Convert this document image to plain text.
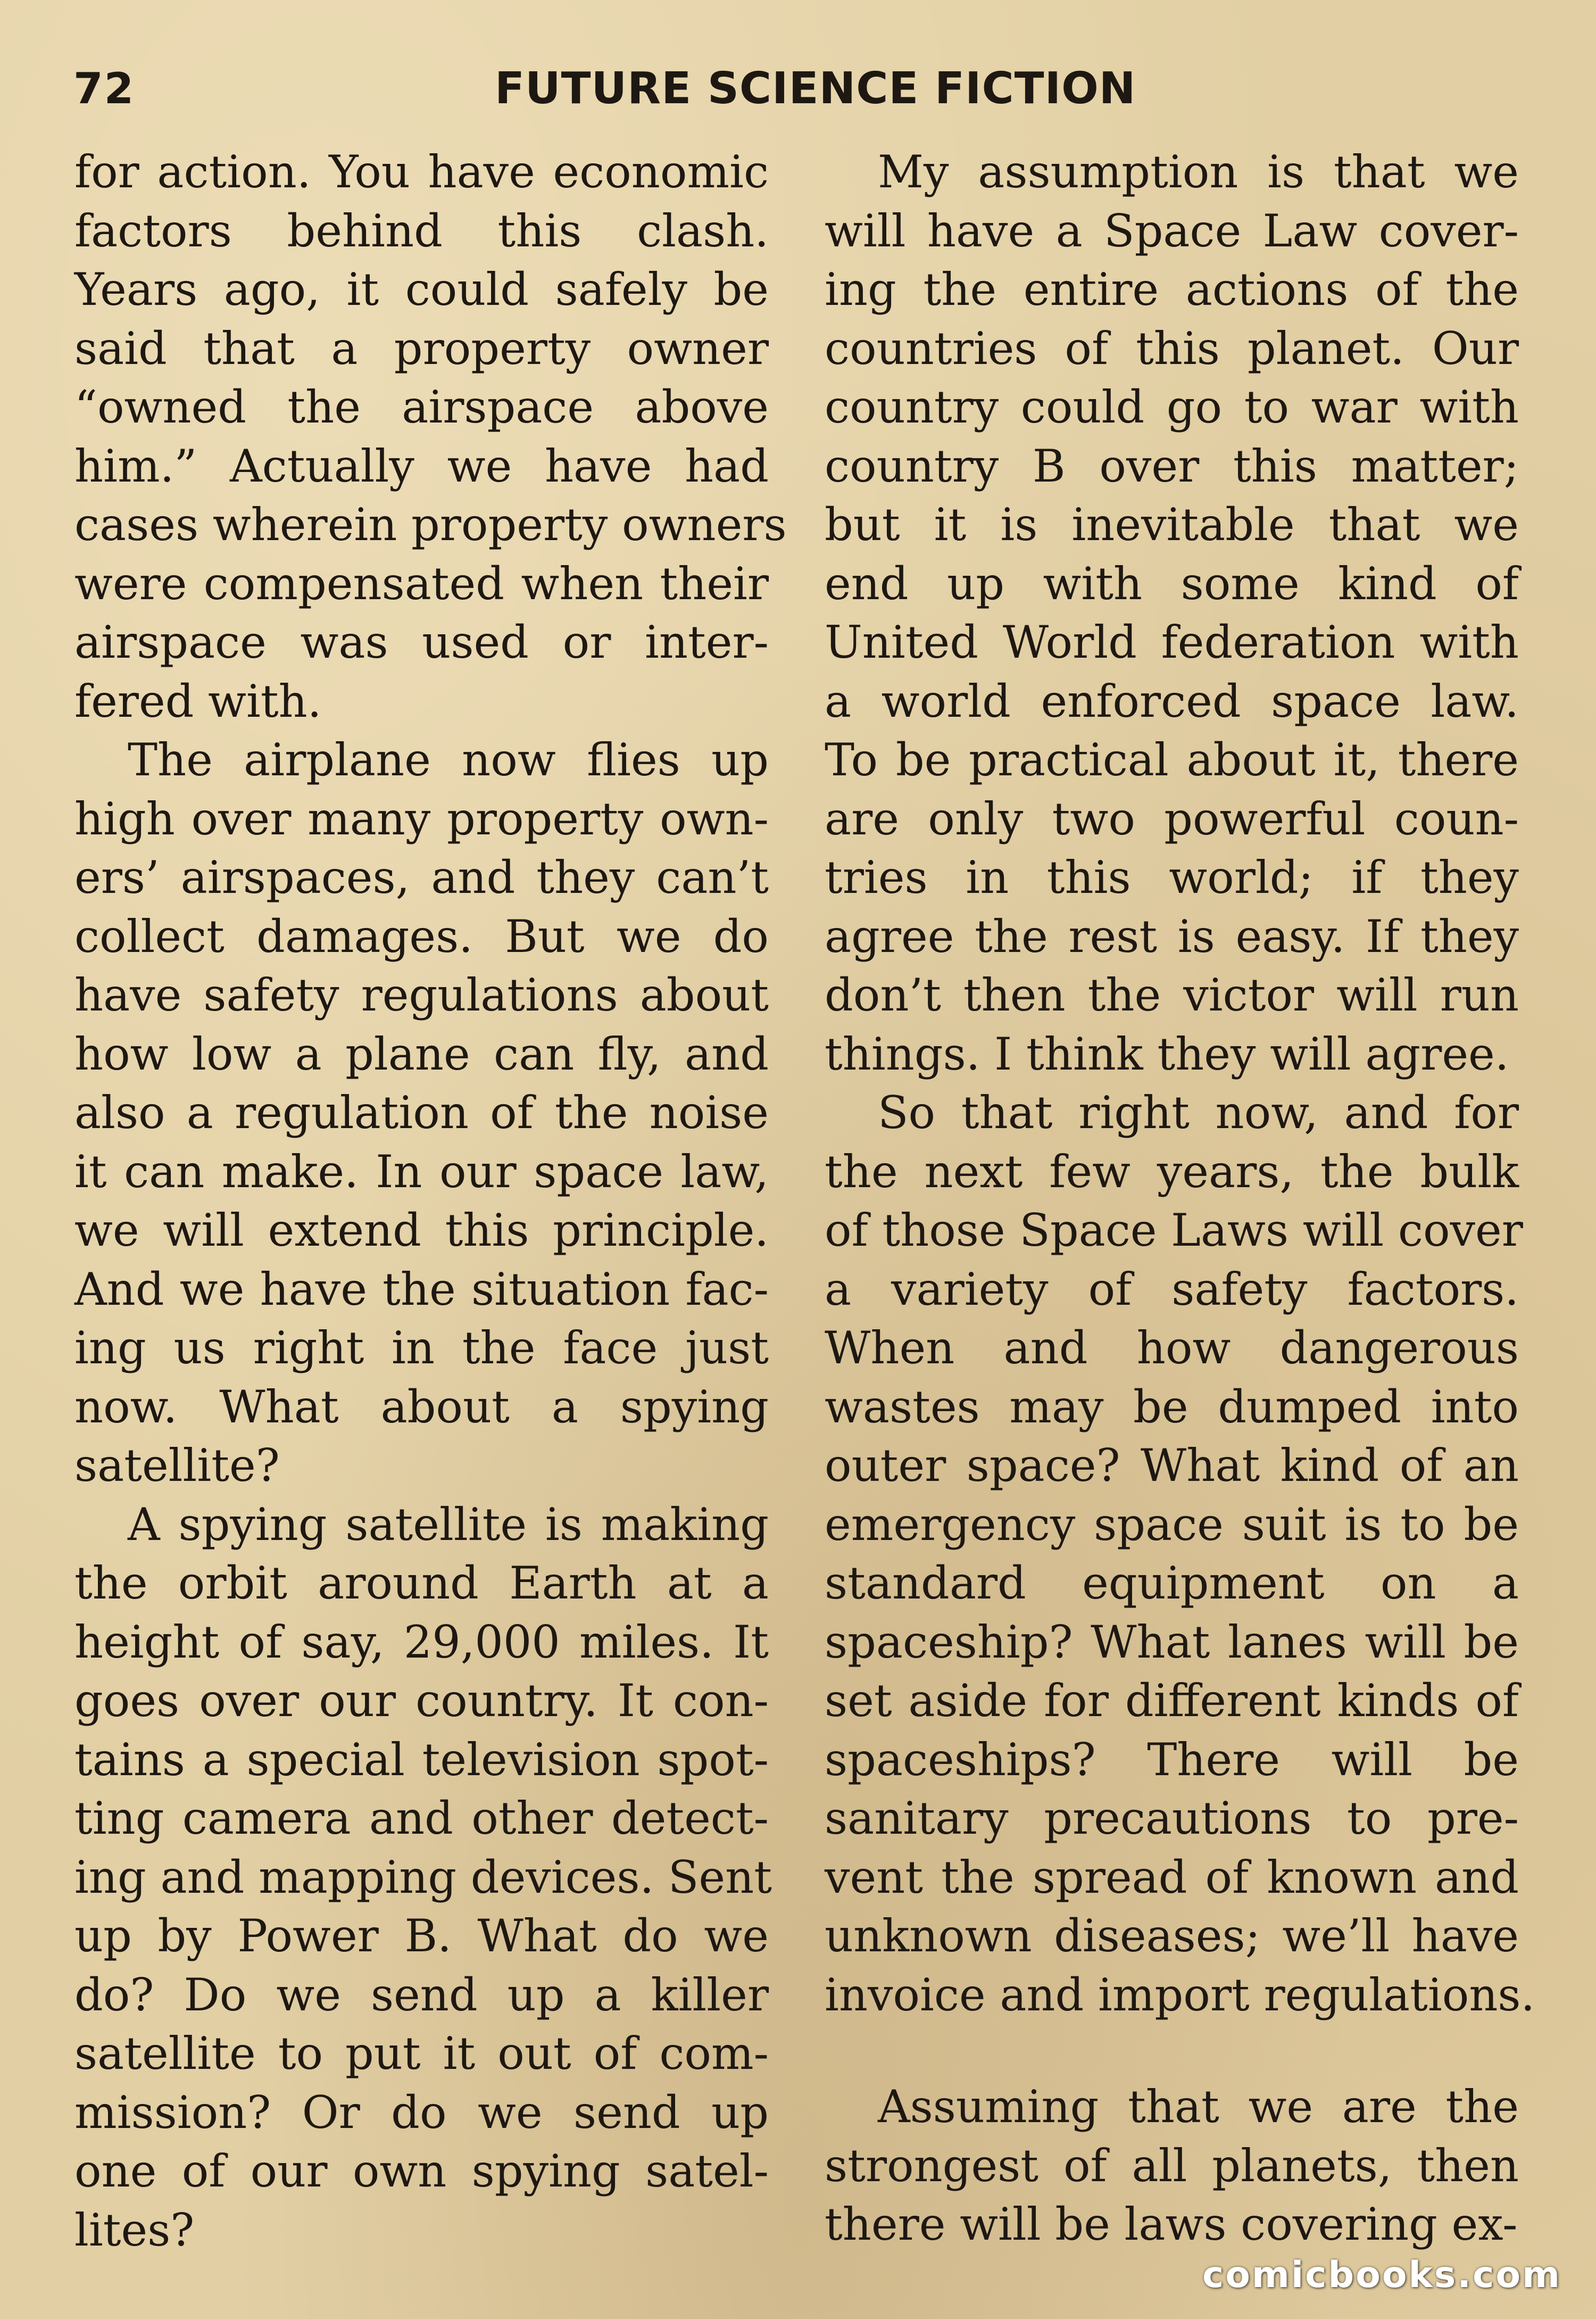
72	FUTURE SCIENCE FICTION
for action. You have economic
factors behind this clash.
Years ago, it could safely be
said that a property owner
“owned the airspace above
him.” Actually we have had
cases wherein property owners
were compensated when their
airspace was used or inter-
fered with.
The airplane now flies up
high over many property own-
ers’ airspaces, and they can’t
collect damages. But we do
have safety regulations about
how low a plane can fly, and
also a regulation of the noise
it can make. In our space law,
we will extend this principle.
And we have the situation fac-
ing us right in the face just
now. What about a spying
satellite?
A spying satellite is making
the orbit around Earth at a
height of say, 29,000 miles. It
goes over our country. It con-
tains a special television spot-
ting camera and other detect-
ing and mapping devices. Sent
up by Power B. What do we
do? Do we send up a killer
satellite to put it out of com-
mission? Or do we send up
one of our own spying satel-
lites?
My assumption is that we
will have a Space Law cover-
ing the entire actions of the
countries of this planet. Our
country could go to war with
country B over this matter;
but it is inevitable that we
end up with some kind of
United World federation with
a world enforced space law.
To be practical about it, there
are only two powerful coun-
tries in this world; if they
agree the rest is easy. If they
don’t then the victor will run
things. I think they will agree.
So that right now, and for
the next few years, the bulk
of those Space Laws will cover
a variety of safety factors.
When and how dangerous
wastes may be dumped into
outer space? What kind of an
emergency space suit is to be
standard equipment on a
spaceship? What lanes will be
set aside for different kinds of
spaceships? There will be
sanitary precautions to pre-
vent the spread of known and
unknown diseases; we’ll have
invoice and import regulations.
Assuming that we are the
strongest of all planets, then
there will be laws covering ex-
comicbooks.com
